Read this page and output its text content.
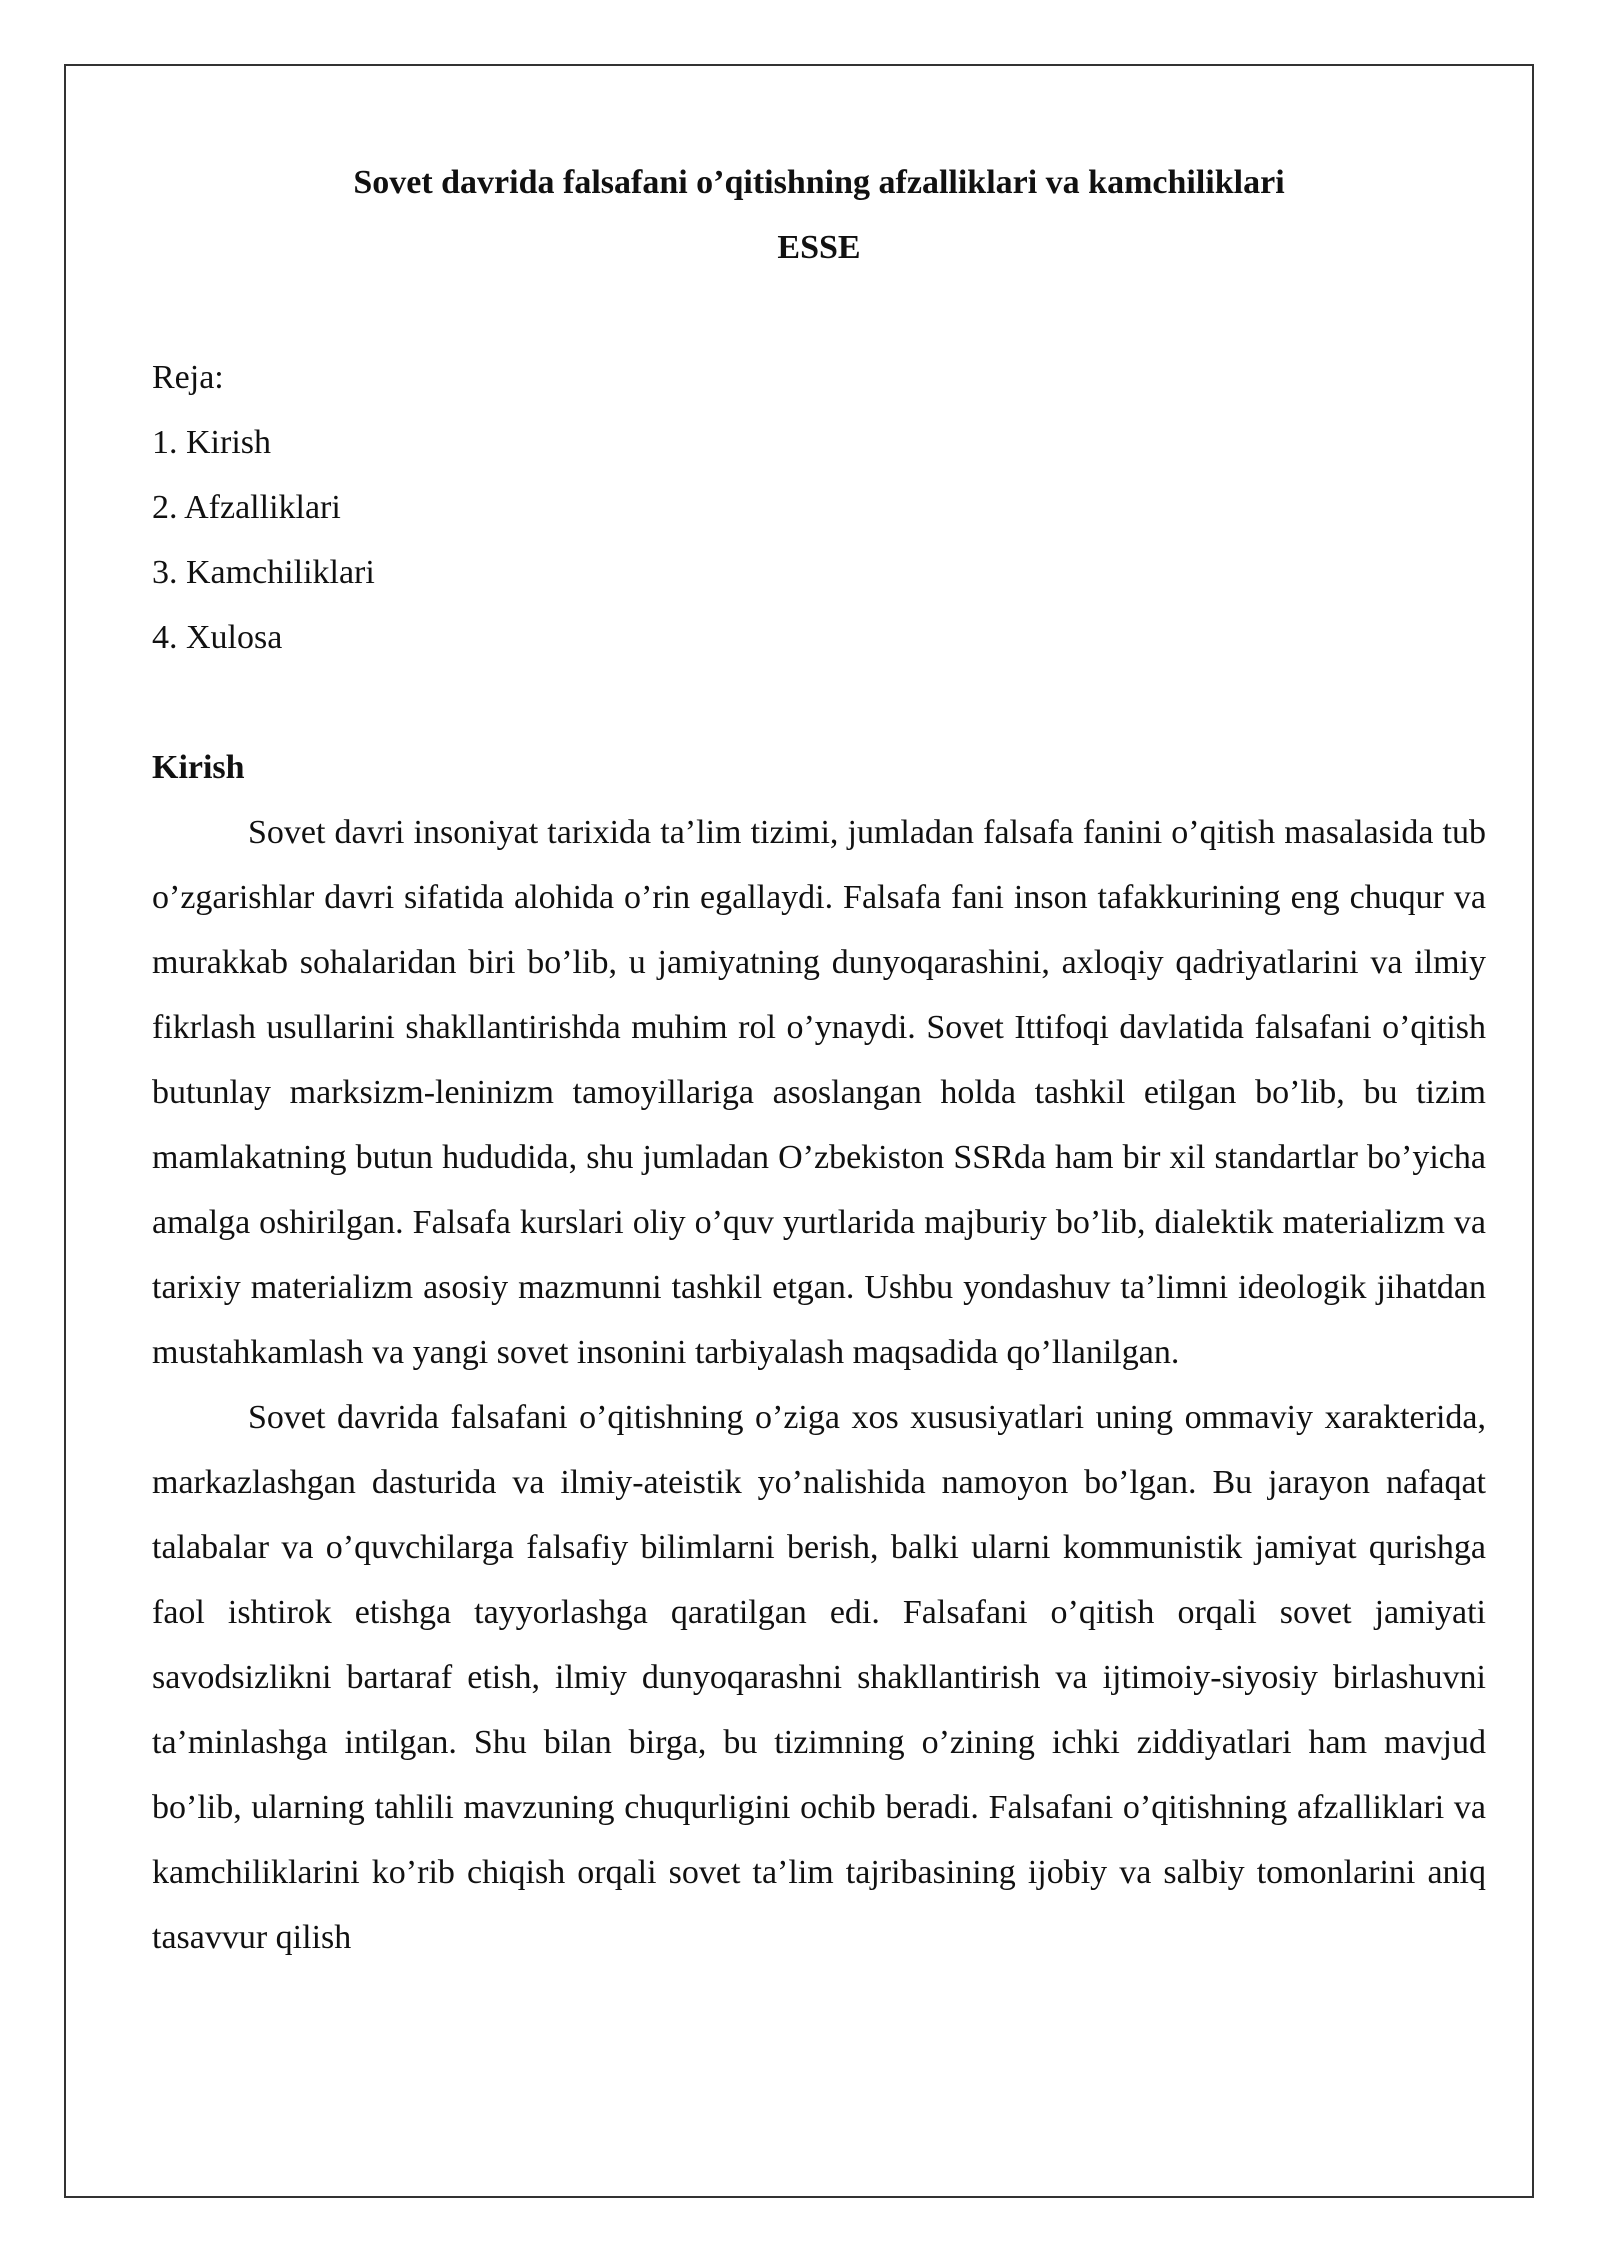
Sovet davrida falsafani o’qitishning afzalliklari va kamchiliklari

ESSE

Reja:

1. Kirish
2. Afzalliklari
3. Kamchiliklari
4. Xulosa

Kirish

Sovet davri insoniyat tarixida ta’lim tizimi, jumladan falsafa fanini o’qitish masalasida tub o’zgarishlar davri sifatida alohida o’rin egallaydi. Falsafa fani inson tafakkurining eng chuqur va murakkab sohalaridan biri bo’lib, u jamiyatning dunyoqarashini, axloqiy qadriyatlarini va ilmiy fikrlash usullarini shakllantirishda muhim rol o’ynaydi. Sovet Ittifoqi davlatida falsafani o’qitish butunlay marksizm-leninizm tamoyillariga asoslangan holda tashkil etilgan bo’lib, bu tizim mamlakatning butun hududida, shu jumladan O’zbekiston SSRda ham bir xil standartlar bo’yicha amalga oshirilgan. Falsafa kurslari oliy o’quv yurtlarida majburiy bo’lib, dialektik materializm va tarixiy materializm asosiy mazmunni tashkil etgan. Ushbu yondashuv ta’limni ideologik jihatdan mustahkamlash va yangi sovet insonini tarbiyalash maqsadida qo’llanilgan.

Sovet davrida falsafani o’qitishning o’ziga xos xususiyatlari uning ommaviy xarakterida, markazlashgan dasturida va ilmiy-ateistik yo’nalishida namoyon bo’lgan. Bu jarayon nafaqat talabalar va o’quvchilarga falsafiy bilimlarni berish, balki ularni kommunistik jamiyat qurishga faol ishtirok etishga tayyorlashga qaratilgan edi. Falsafani o’qitish orqali sovet jamiyati savodsizlikni bartaraf etish, ilmiy dunyoqarashni shakllantirish va ijtimoiy-siyosiy birlashuvni ta’minlashga intilgan. Shu bilan birga, bu tizimning o’zining ichki ziddiyatlari ham mavjud bo’lib, ularning tahlili mavzuning chuqurligini ochib beradi. Falsafani o’qitishning afzalliklari va kamchiliklarini ko’rib chiqish orqali sovet ta’lim tajribasining ijobiy va salbiy tomonlarini aniq tasavvur qilish
